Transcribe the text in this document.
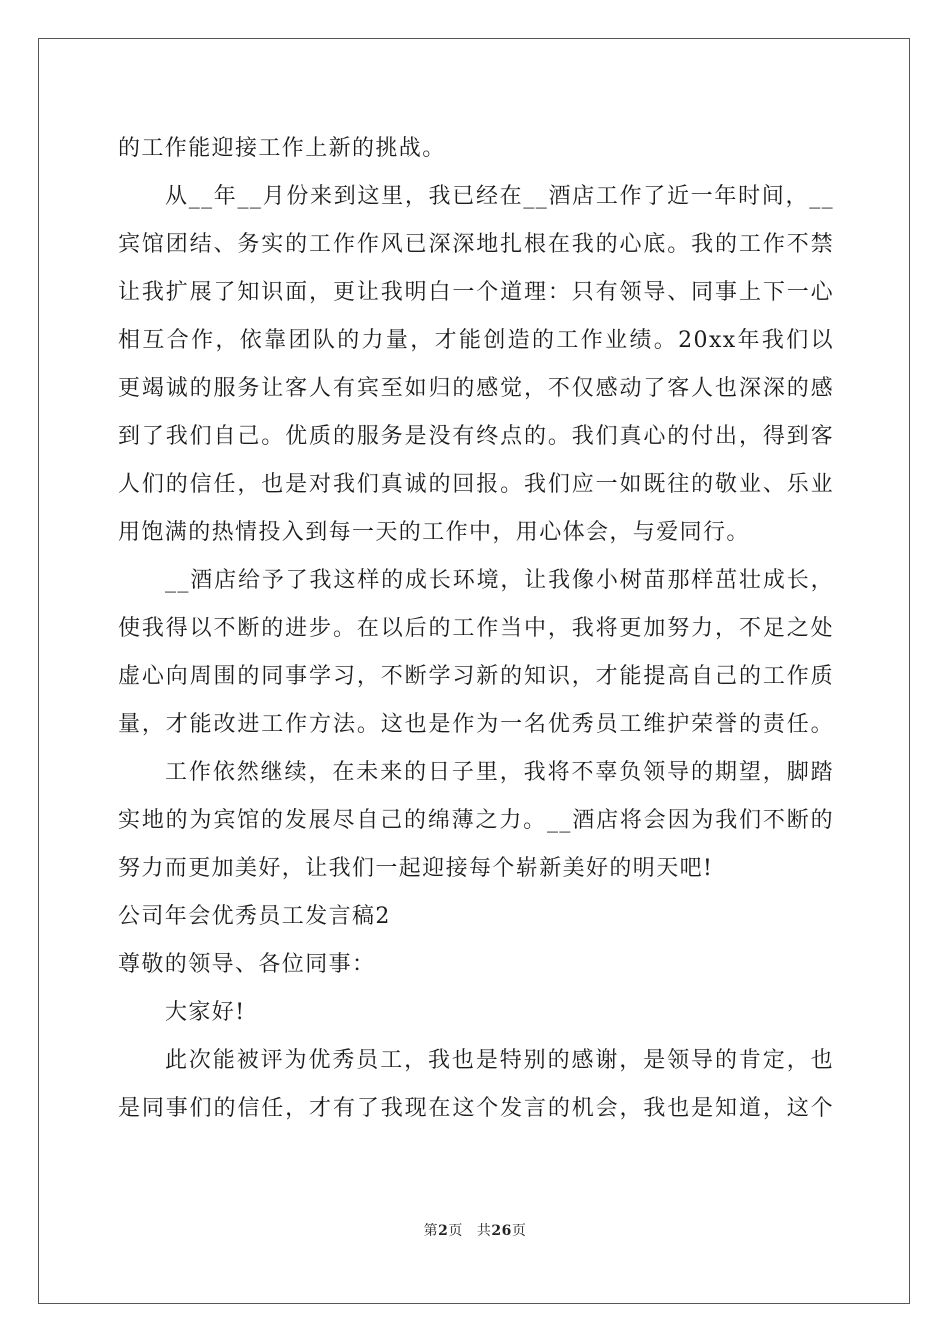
的工作能迎接工作上新的挑战。
从__年__月份来到这里，我已经在__酒店工作了近一年时间，__
宾馆团结、务实的工作作风已深深地扎根在我的心底。我的工作不禁
让我扩展了知识面，更让我明白一个道理：只有领导、同事上下一心
相互合作，依靠团队的力量，才能创造的工作业绩。20xx年我们以
更竭诚的服务让客人有宾至如归的感觉，不仅感动了客人也深深的感
到了我们自己。优质的服务是没有终点的。我们真心的付出，得到客
人们的信任，也是对我们真诚的回报。我们应一如既往的敬业、乐业
用饱满的热情投入到每一天的工作中，用心体会，与爱同行。
__酒店给予了我这样的成长环境，让我像小树苗那样茁壮成长，
使我得以不断的进步。在以后的工作当中，我将更加努力，不足之处
虚心向周围的同事学习，不断学习新的知识，才能提高自己的工作质
量，才能改进工作方法。这也是作为一名优秀员工维护荣誉的责任。
工作依然继续，在未来的日子里，我将不辜负领导的期望，脚踏
实地的为宾馆的发展尽自己的绵薄之力。__酒店将会因为我们不断的
努力而更加美好，让我们一起迎接每个崭新美好的明天吧!
公司年会优秀员工发言稿2
尊敬的领导、各位同事：
大家好!
此次能被评为优秀员工，我也是特别的感谢，是领导的肯定，也
是同事们的信任，才有了我现在这个发言的机会，我也是知道，这个
第2页 共26页
